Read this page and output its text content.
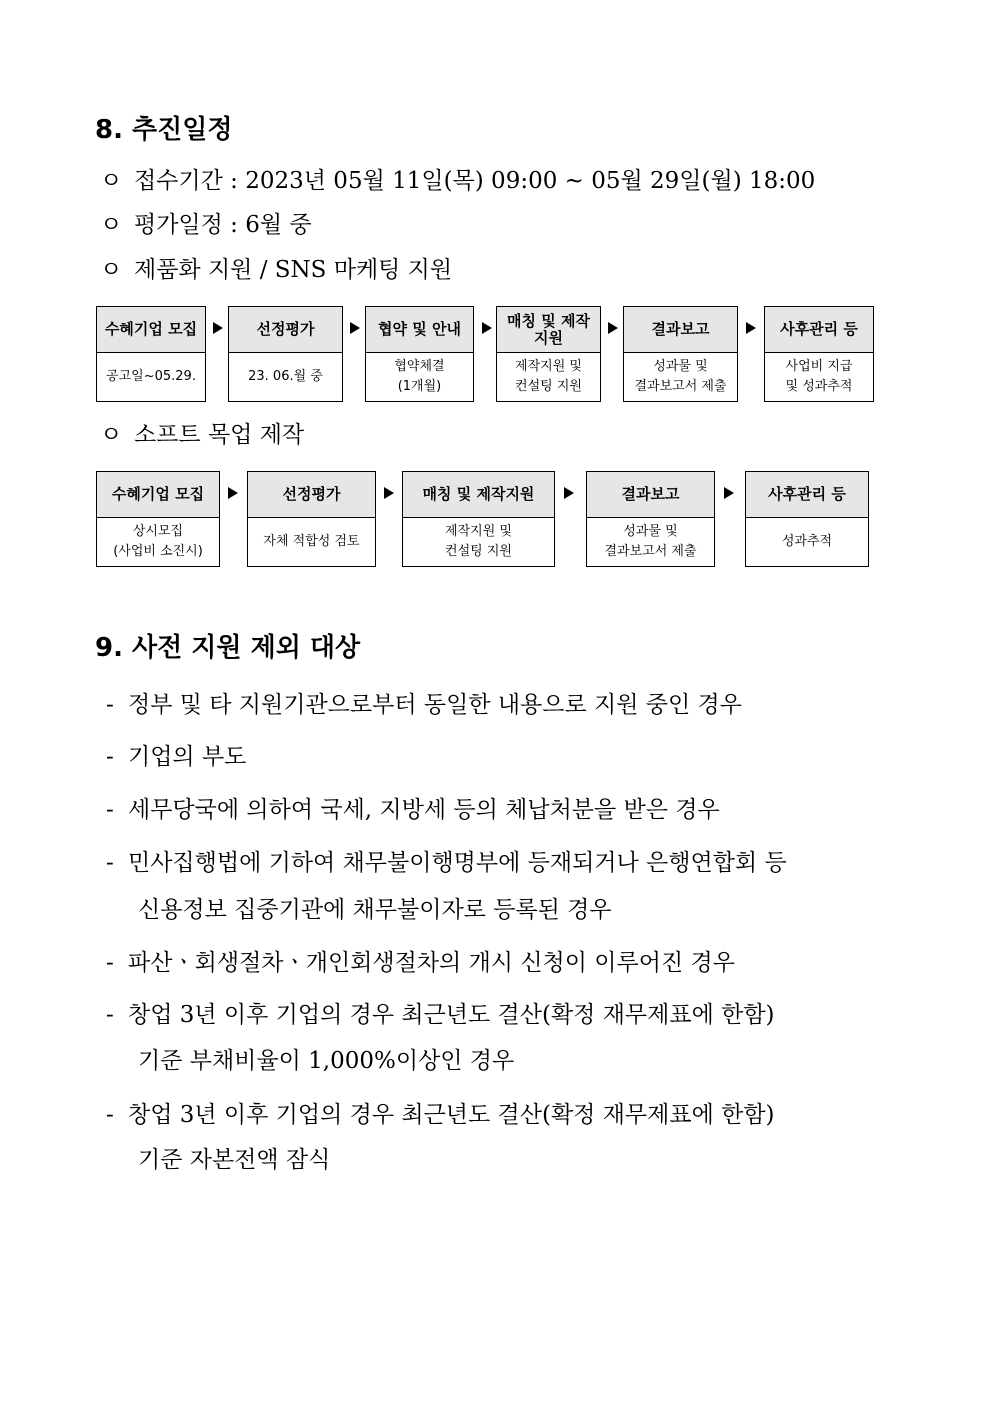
8. 추진일정
ㅇ 접수기간 : 2023년 05월 11일(목) 09:00 ~ 05월 29일(월) 18:00
ㅇ 평가일정 : 6월 중
ㅇ 제품화 지원 / SNS 마케팅 지원
수혜기업 모집
공고일~05.29.
선정평가
23. 06.월 중
협약 및 안내
협약체결
(1개월)
매칭 및 제작
지원
제작지원 및
컨설팅 지원
결과보고
성과물 및
결과보고서 제출
사후관리 등
사업비 지급
및 성과추적
ㅇ 소프트 목업 제작
수혜기업 모집
상시모집
(사업비 소진시)
선정평가
자체 적합성 검토
매칭 및 제작지원
제작지원 및
컨설팅 지원
결과보고
성과물 및
결과보고서 제출
사후관리 등
성과추적
9. 사전 지원 제외 대상
- 정부 및 타 지원기관으로부터 동일한 내용으로 지원 중인 경우
- 기업의 부도
- 세무당국에 의하여 국세, 지방세 등의 체납처분을 받은 경우
- 민사집행법에 기하여 채무불이행명부에 등재되거나 은행연합회 등
신용정보 집중기관에 채무불이자로 등록된 경우
- 파산ㆍ회생절차ㆍ개인회생절차의 개시 신청이 이루어진 경우
- 창업 3년 이후 기업의 경우 최근년도 결산(확정 재무제표에 한함)
기준 부채비율이 1,000%이상인 경우
- 창업 3년 이후 기업의 경우 최근년도 결산(확정 재무제표에 한함)
기준 자본전액 잠식
